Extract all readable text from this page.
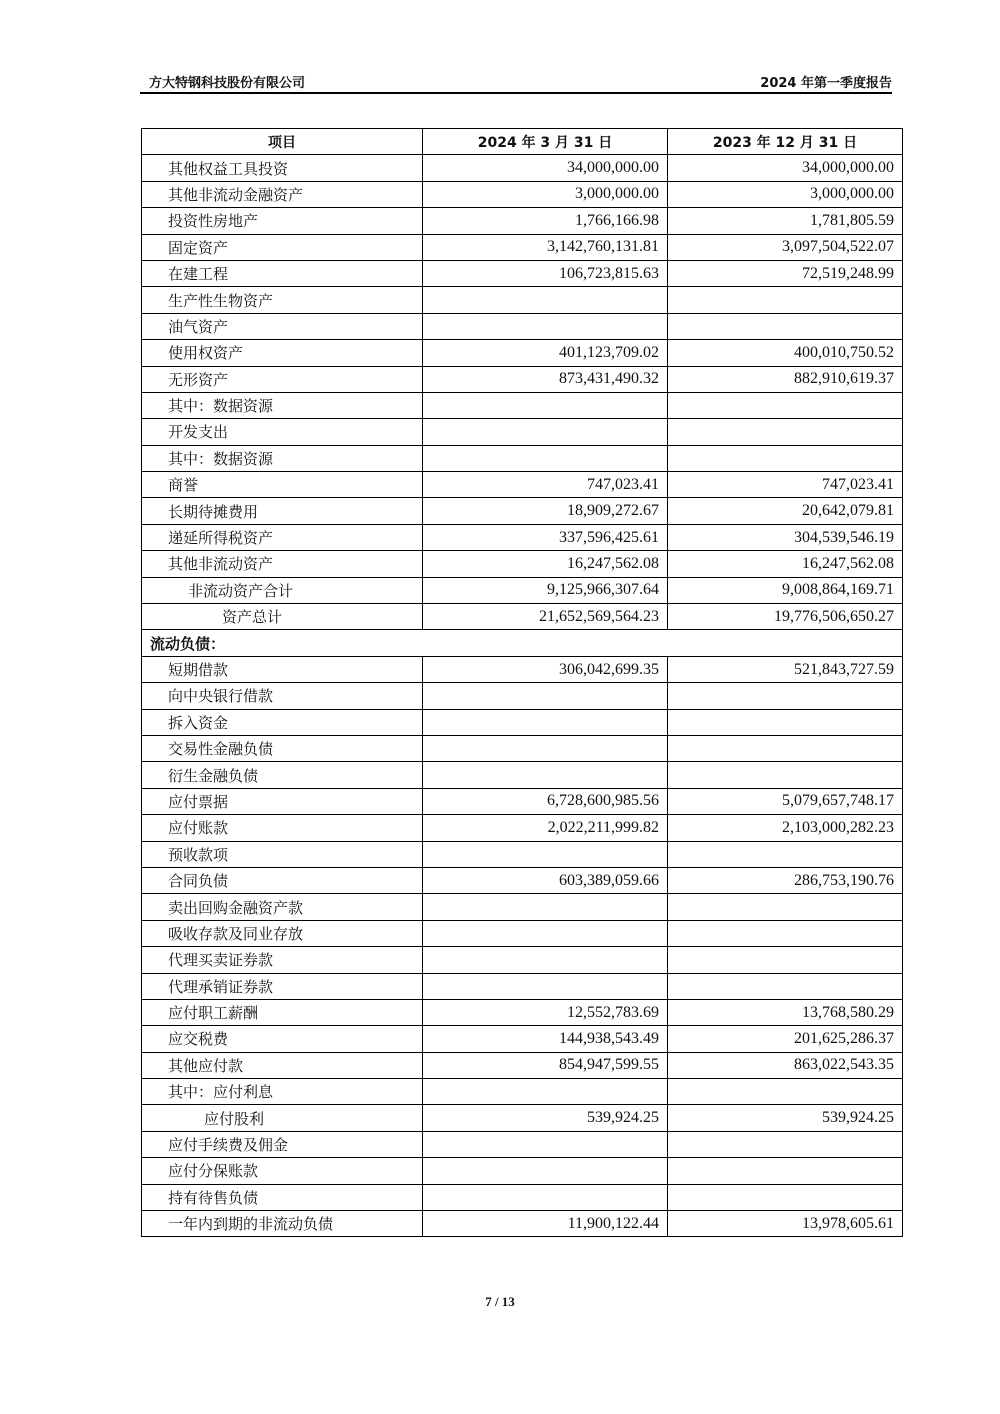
方大特钢科技股份有限公司	2024 年第一季度报告
项目	2024 年 3 月 31 日	2023 年 12 月 31 日
其他权益工具投资	34,000,000.00	34,000,000.00
其他非流动金融资产	3,000,000.00	3,000,000.00
投资性房地产	1,766,166.98	1,781,805.59
固定资产	3,142,760,131.81	3,097,504,522.07
在建工程	106,723,815.63	72,519,248.99
生产性生物资产		
油气资产		
使用权资产	401,123,709.02	400,010,750.52
无形资产	873,431,490.32	882,910,619.37
其中：数据资源		
开发支出		
其中：数据资源		
商誉	747,023.41	747,023.41
长期待摊费用	18,909,272.67	20,642,079.81
递延所得税资产	337,596,425.61	304,539,546.19
其他非流动资产	16,247,562.08	16,247,562.08
非流动资产合计	9,125,966,307.64	9,008,864,169.71
资产总计	21,652,569,564.23	19,776,506,650.27
流动负债：		
短期借款	306,042,699.35	521,843,727.59
向中央银行借款		
拆入资金		
交易性金融负债		
衍生金融负债		
应付票据	6,728,600,985.56	5,079,657,748.17
应付账款	2,022,211,999.82	2,103,000,282.23
预收款项		
合同负债	603,389,059.66	286,753,190.76
卖出回购金融资产款		
吸收存款及同业存放		
代理买卖证券款		
代理承销证券款		
应付职工薪酬	12,552,783.69	13,768,580.29
应交税费	144,938,543.49	201,625,286.37
其他应付款	854,947,599.55	863,022,543.35
其中：应付利息		
应付股利	539,924.25	539,924.25
应付手续费及佣金		
应付分保账款		
持有待售负债		
一年内到期的非流动负债	11,900,122.44	13,978,605.61
7 / 13
